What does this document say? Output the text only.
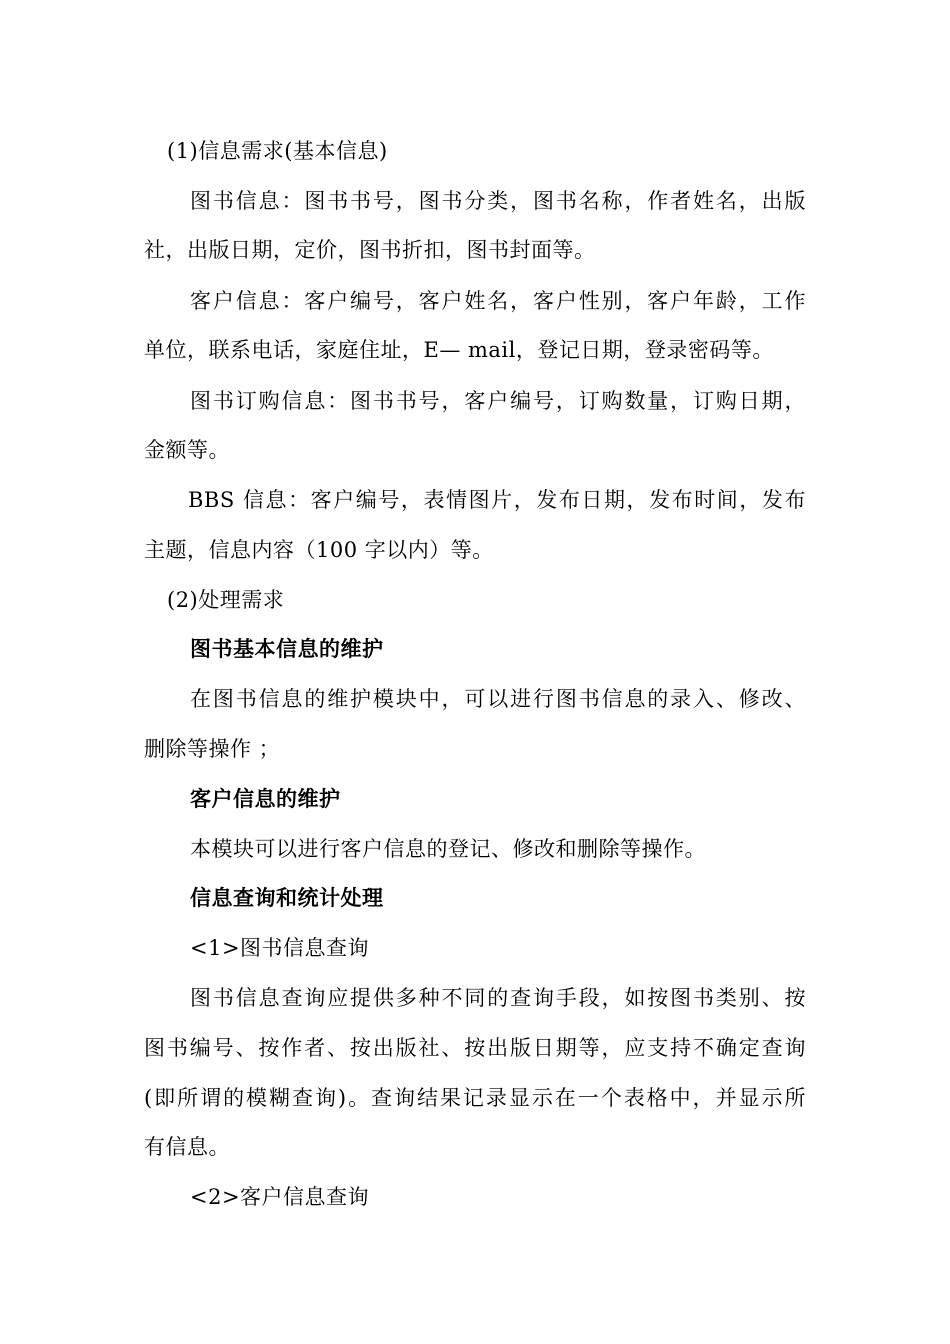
(1)信息需求(基本信息)
图书信息：图书书号，图书分类，图书名称，作者姓名，出版
社，出版日期，定价，图书折扣，图书封面等。
客户信息：客户编号，客户姓名，客户性别，客户年龄，工作
单位，联系电话，家庭住址，E— mail，登记日期，登录密码等。
图书订购信息：图书书号，客户编号，订购数量，订购日期，
金额等。
BBS 信息：客户编号，表情图片，发布日期，发布时间，发布
主题，信息内容（100 字以内）等。
(2)处理需求
图书基本信息的维护
在图书信息的维护模块中，可以进行图书信息的录入、修改、
删除等操作 ；
客户信息的维护
本模块可以进行客户信息的登记、修改和删除等操作。
信息查询和统计处理
<1>图书信息查询
图书信息查询应提供多种不同的查询手段，如按图书类别、按
图书编号、按作者、按出版社、按出版日期等，应支持不确定查询
(即所谓的模糊查询)。查询结果记录显示在一个表格中，并显示所
有信息。
<2>客户信息查询
